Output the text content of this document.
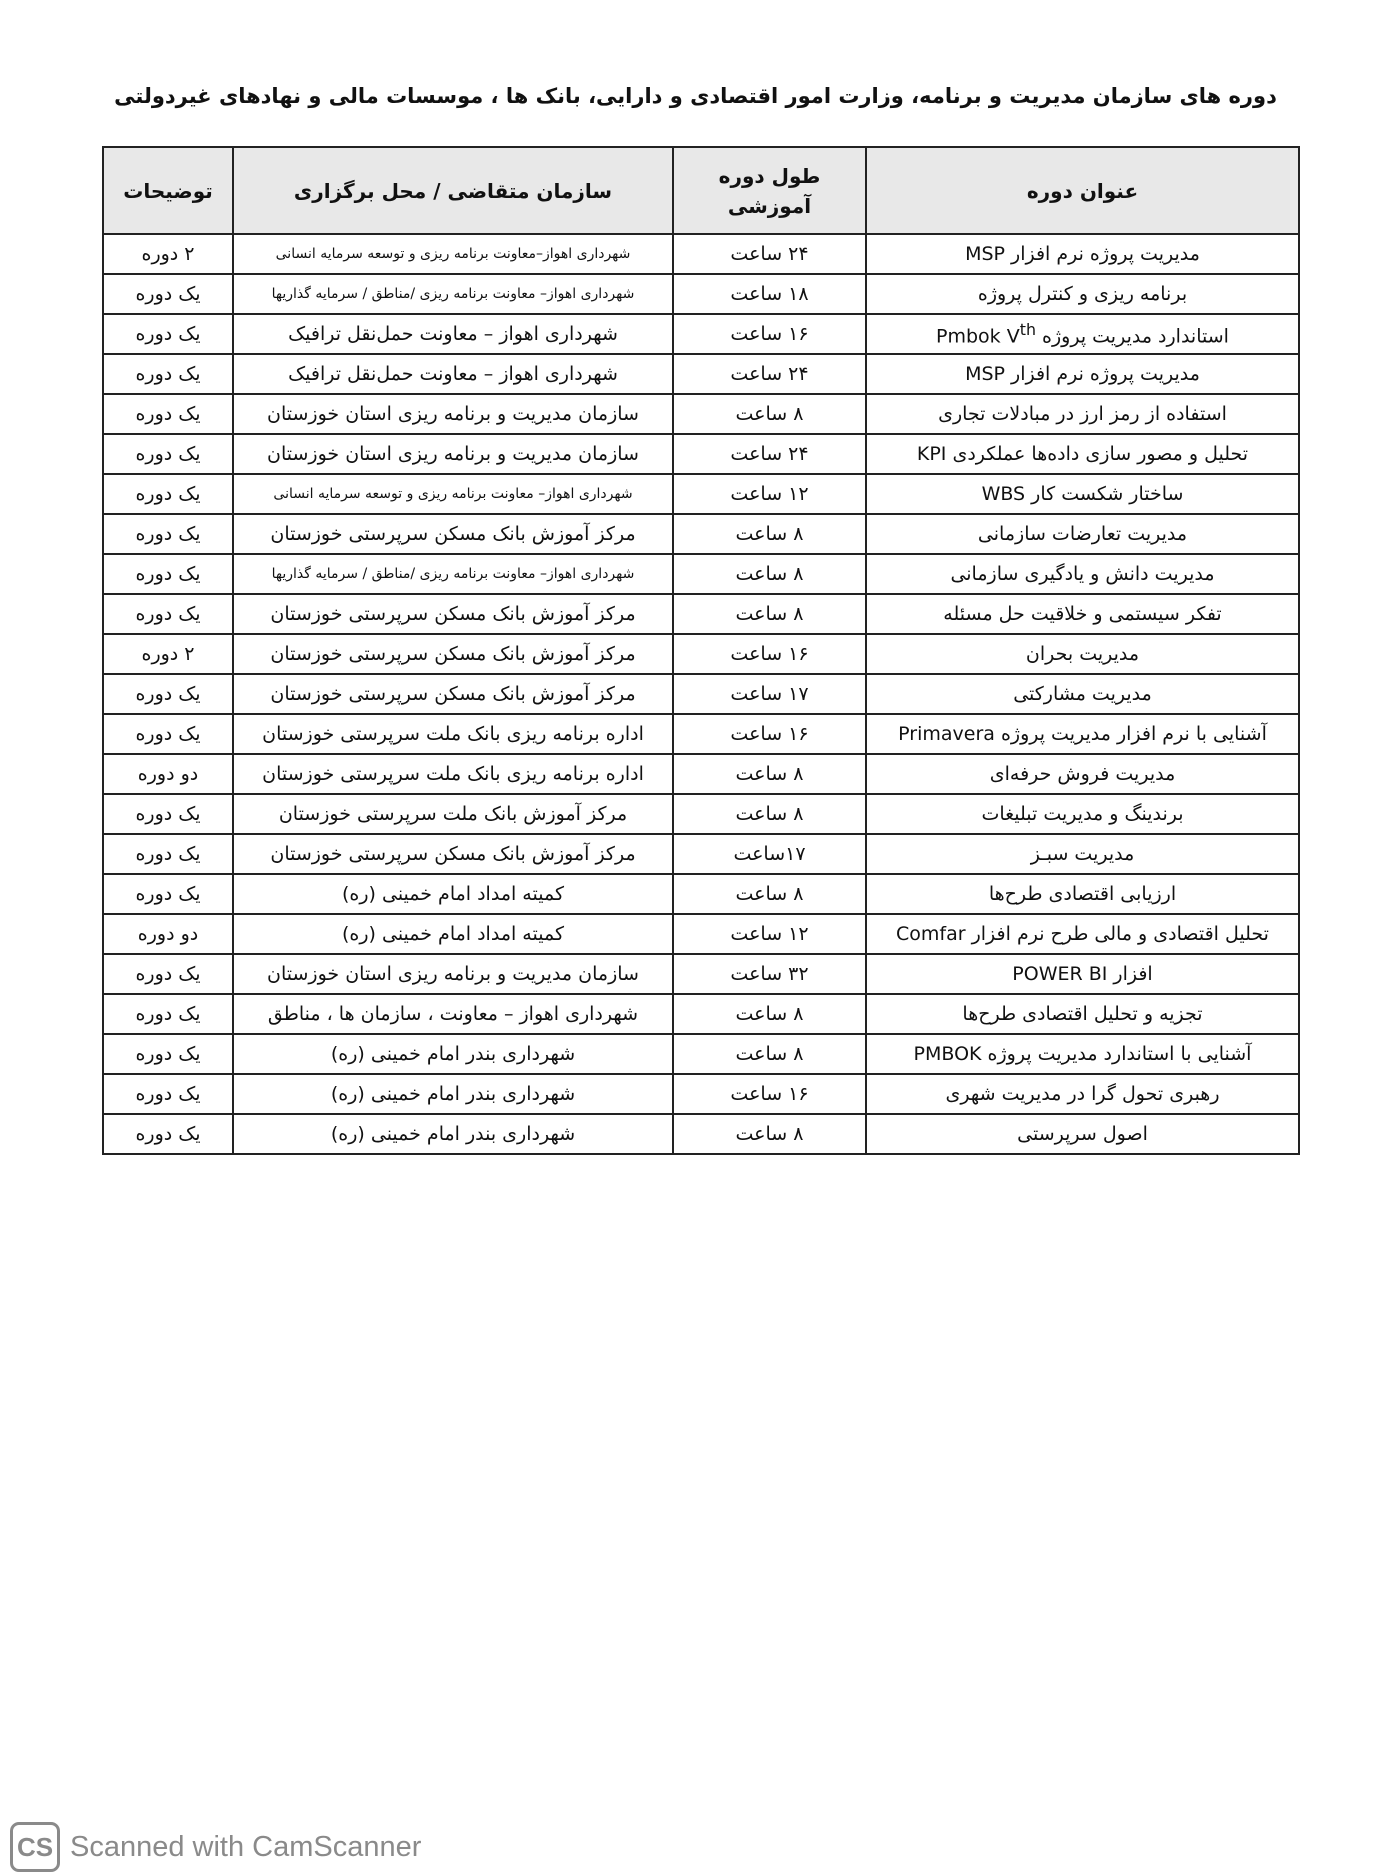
دوره های سازمان مدیریت و برنامه، وزارت امور اقتصادی و دارایی، بانک ها ، موسسات مالی و نهادهای غیردولتی
عنوان دوره	طول دوره آموزشی	سازمان متقاضی / محل برگزاری	توضیحات
مدیریت پروژه نرم افزار MSP	۲۴ ساعت	شهرداری اهواز–معاونت برنامه ریزی و توسعه سرمایه انسانی	۲ دوره
برنامه ریزی و کنترل پروژه	۱۸ ساعت	شهرداری اهواز– معاونت برنامه ریزی /مناطق / سرمایه گذاریها	یک دوره
استاندارد مدیریت پروژه Pmbok Vth	۱۶ ساعت	شهرداری اهواز – معاونت حمل‌نقل ترافیک	یک دوره
مدیریت پروژه نرم افزار MSP	۲۴ ساعت	شهرداری اهواز – معاونت حمل‌نقل ترافیک	یک دوره
استفاده از رمز ارز در مبادلات تجاری	۸ ساعت	سازمان مدیریت و برنامه ریزی استان خوزستان	یک دوره
تحلیل و مصور سازی داده‌ها عملکردی KPI	۲۴ ساعت	سازمان مدیریت و برنامه ریزی استان خوزستان	یک دوره
ساختار شکست کار WBS	۱۲ ساعت	شهرداری اهواز– معاونت برنامه ریزی و توسعه سرمایه انسانی	یک دوره
مدیریت تعارضات سازمانی	۸ ساعت	مرکز آموزش بانک مسکن سرپرستی خوزستان	یک دوره
مدیریت دانش و یادگیری سازمانی	۸ ساعت	شهرداری اهواز– معاونت برنامه ریزی /مناطق / سرمایه گذاریها	یک دوره
تفکر سیستمی و خلاقیت حل مسئله	۸ ساعت	مرکز آموزش بانک مسکن سرپرستی خوزستان	یک دوره
مدیریت بحران	۱۶ ساعت	مرکز آموزش بانک مسکن سرپرستی خوزستان	۲ دوره
مدیریت مشارکتی	۱۷ ساعت	مرکز آموزش بانک مسکن سرپرستی خوزستان	یک دوره
آشنایی با نرم افزار مدیریت پروژه Primavera	۱۶ ساعت	اداره برنامه ریزی بانک ملت سرپرستی خوزستان	یک دوره
مدیریت فروش حرفه‌ای	۸ ساعت	اداره برنامه ریزی بانک ملت سرپرستی خوزستان	دو دوره
برندینگ و مدیریت تبلیغات	۸ ساعت	مرکز آموزش بانک ملت سرپرستی خوزستان	یک دوره
مدیریت سبـز	۱۷ساعت	مرکز آموزش بانک مسکن سرپرستی خوزستان	یک دوره
ارزیابی اقتصادی طرح‌ها	۸ ساعت	کمیته امداد امام خمینی (ره)	یک دوره
تحلیل اقتصادی و مالی طرح نرم افزار Comfar	۱۲ ساعت	کمیته امداد امام خمینی (ره)	دو دوره
افزار POWER BI	۳۲ ساعت	سازمان مدیریت و برنامه ریزی استان خوزستان	یک دوره
تجزیه و تحلیل اقتصادی طرح‌ها	۸ ساعت	شهرداری اهواز – معاونت ، سازمان ها ، مناطق	یک دوره
آشنایی با استاندارد مدیریت پروژه PMBOK	۸ ساعت	شهرداری بندر امام خمینی (ره)	یک دوره
رهبری تحول گرا در مدیریت شهری	۱۶ ساعت	شهرداری بندر امام خمینی (ره)	یک دوره
اصول سرپرستی	۸ ساعت	شهرداری بندر امام خمینی (ره)	یک دوره
CS Scanned with CamScanner
